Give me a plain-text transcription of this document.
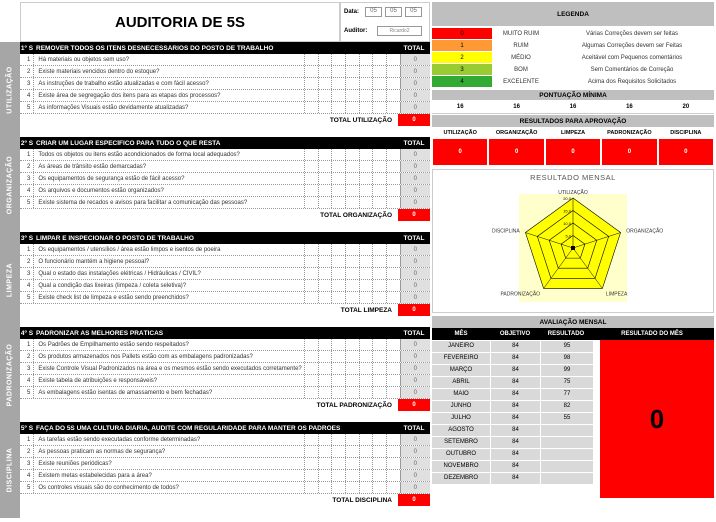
AUDITORIA DE 5S
Data:	05	05	05
Auditor:	Ricardo2
UTILIZAÇÃO
1º S REMOVER TODOS OS ITENS DESNECESSÁRIOS DO POSTO DE TRABALHO	TOTAL
1	Há materiais ou objetos sem uso?	0
2	Existe materiais vencidos dentro do estoque?	0
3	As instruções de trabalho estão atualizadas e com fácil acesso?	0
4	Existe área de segregação dos itens para as etapas dos processos?	0
5	As informações Visuais estão devidamente atualizadas?	0
TOTAL UTILIZAÇÃO	0
ORGANIZAÇÃO
2º S CRIAR UM LUGAR ESPECÍFICO PARA TUDO O QUE RESTA	TOTAL
1	Todos os objetos ou itens estão acondicionados de forma local adequados?	0
2	As áreas de trânsito estão demarcadas?	0
3	Os equipamentos de segurança estão de fácil acesso?	0
4	Os arquivos e documentos estão organizados?	0
5	Existe sistema de recados e avisos para facilitar a comunicação das pessoas?	0
TOTAL ORGANIZAÇÃO	0
LIMPEZA
3º S LIMPAR E INSPECIONAR O POSTO DE TRABALHO	TOTAL
1	Os equipamentos / utensílios / área estão limpos e isentos de poeira	0
2	O funcionário mantém a higiene pessoal?	0
3	Qual o estado das instalações elétricas / Hidráulicas / CIVIL?	0
4	Qual a condição das lixeiras (limpeza / coleta seletiva)?	0
5	Existe check list de limpeza e estão sendo preenchidos?	0
TOTAL LIMPEZA	0
PADRONIZAÇÃO
4º S PADRONIZAR AS MELHORES PRÁTICAS	TOTAL
1	Os Padrões de Empilhamento estão sendo respeitados?	0
2	Os produtos armazenados nos Pallets estão com as embalagens padronizadas?	0
3	Existe Controle Visual Padronizados na área e os mesmos estão sendo executados corretamente?	0
4	Existe tabela de atribuições e responsáveis?	0
5	As embalagens estão isentas de amassamento e bem fechadas?	0
TOTAL PADRONIZAÇÃO	0
DISCIPLINA
5º S FAÇA DO 5S UMA CULTURA DIÁRIA, AUDITE COM REGULARIDADE PARA MANTER OS PADRÕES	TOTAL
1	As tarefas estão sendo executadas conforme determinadas?	0
2	As pessoas praticam as normas de segurança?	0
3	Existe reuniões periódicas?	0
4	Existem metas estabelecidas para a área?	0
5	Os controles visuais são do conhecimento de todos?	0
TOTAL DISCIPLINA	0
LEGENDA
0	MUITO RUIM	Várias Correções devem ser feitas
1	RUIM	Algumas Correções devem ser Feitas
2	MÉDIO	Aceitável com Pequenos comentários
3	BOM	Sem Comentários de Correção
4	EXCELENTE	Acima dos Requisitos Solicitados
PONTUAÇÃO MÍNIMA
16	16	16	16	20
RESULTADOS PARA APROVAÇÃO
UTILIZAÇÃO	ORGANIZAÇÃO	LIMPEZA	PADRONIZAÇÃO	DISCIPLINA
0	0	0	0	0
RESULTADO MENSAL
UTILIZAÇÃO
ORGANIZAÇÃO
LIMPEZA
PADRONIZAÇÃO
DISCIPLINA
5,0
10,0
15,0
20,0
AVALIAÇÃO MENSAL
MÊS	OBJETIVO	RESULTADO	RESULTADO DO MÊS
JANEIRO	84	95
FEVEREIRO	84	98
MARÇO	84	99
ABRIL	84	75
MAIO	84	77
JUNHO	84	82
JULHO	84	55
AGOSTO	84
SETEMBRO	84
OUTUBRO	84
NOVEMBRO	84
DEZEMBRO	84
0
